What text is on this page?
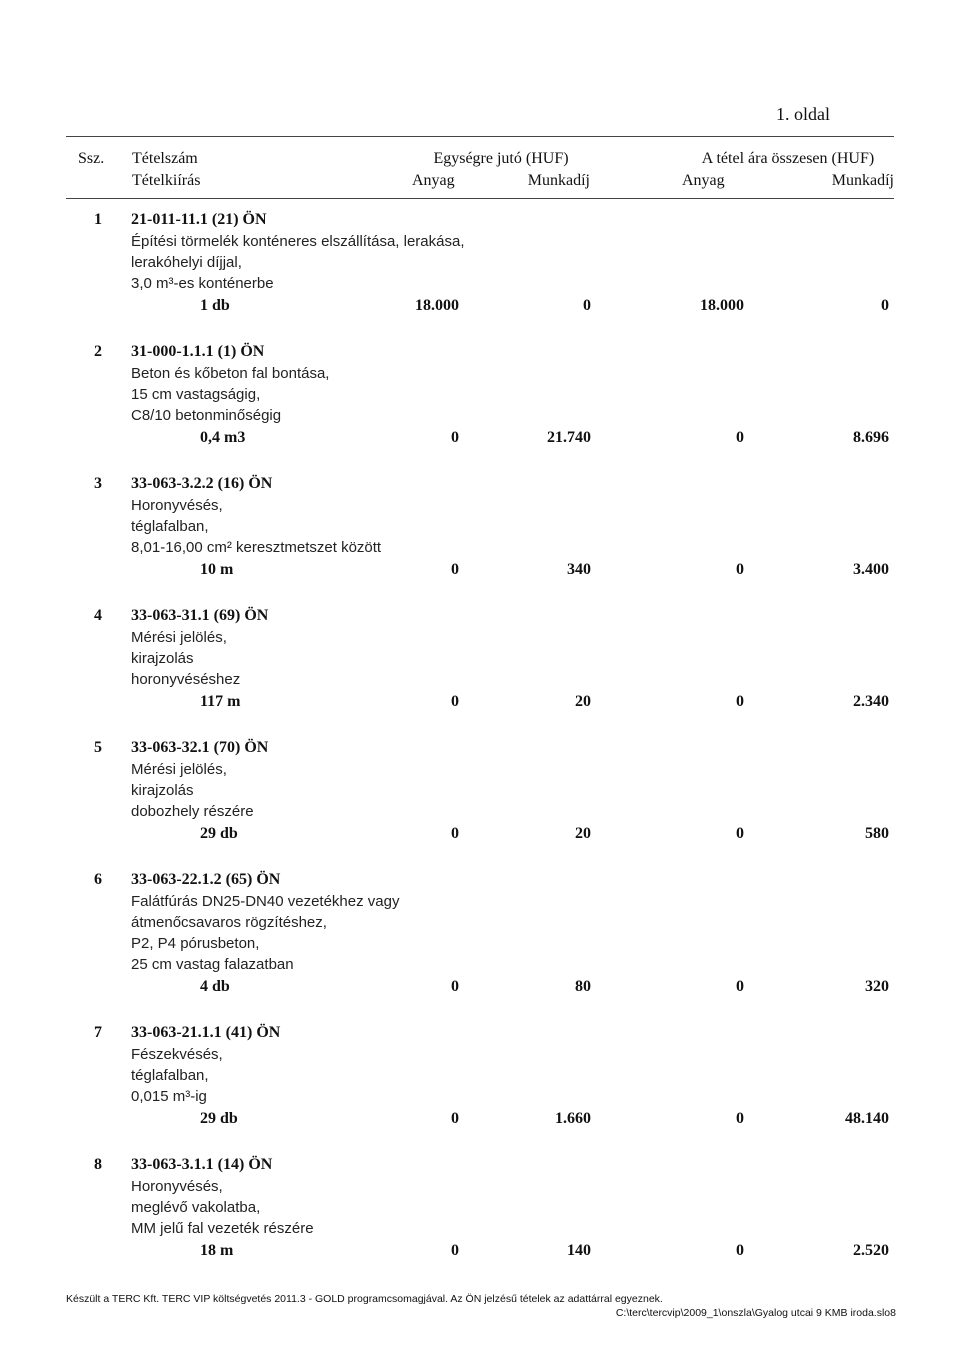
1. oldal
Ssz. Tételszám
Tételkiírás
Egységre jutó (HUF)
Anyag	Munkadíj
A tétel ára összesen (HUF)
Anyag	Munkadíj
1 21-011-11.1 (21) ÖN
Építési törmelék konténeres elszállítása, lerakása,
lerakóhelyi díjjal,
3,0 m³-es konténerbe
1 db	18.000	0	18.000	0
2 31-000-1.1.1 (1) ÖN
Beton és kőbeton fal bontása,
15 cm vastagságig,
C8/10 betonminőségig
0,4 m3	0	21.740	0	8.696
3 33-063-3.2.2 (16) ÖN
Horonyvésés,
téglafalban,
8,01-16,00 cm² keresztmetszet között
10 m	0	340	0	3.400
4 33-063-31.1 (69) ÖN
Mérési jelölés,
kirajzolás
horonyvéséshez
117 m	0	20	0	2.340
5 33-063-32.1 (70) ÖN
Mérési jelölés,
kirajzolás
dobozhely részére
29 db	0	20	0	580
6 33-063-22.1.2 (65) ÖN
Falátfúrás DN25-DN40 vezetékhez vagy
átmenőcsavaros rögzítéshez,
P2, P4 pórusbeton,
25 cm vastag falazatban
4 db	0	80	0	320
7 33-063-21.1.1 (41) ÖN
Fészekvésés,
téglafalban,
0,015 m³-ig
29 db	0	1.660	0	48.140
8 33-063-3.1.1 (14) ÖN
Horonyvésés,
meglévő vakolatba,
MM jelű fal vezeték részére
18 m	0	140	0	2.520
Készült a TERC Kft. TERC VIP költségvetés 2011.3 - GOLD programcsomagjával. Az ÖN jelzésű tételek az adattárral egyeznek.
C:\terc\tercvip\2009_1\onszla\Gyalog utcai 9 KMB iroda.slo8
